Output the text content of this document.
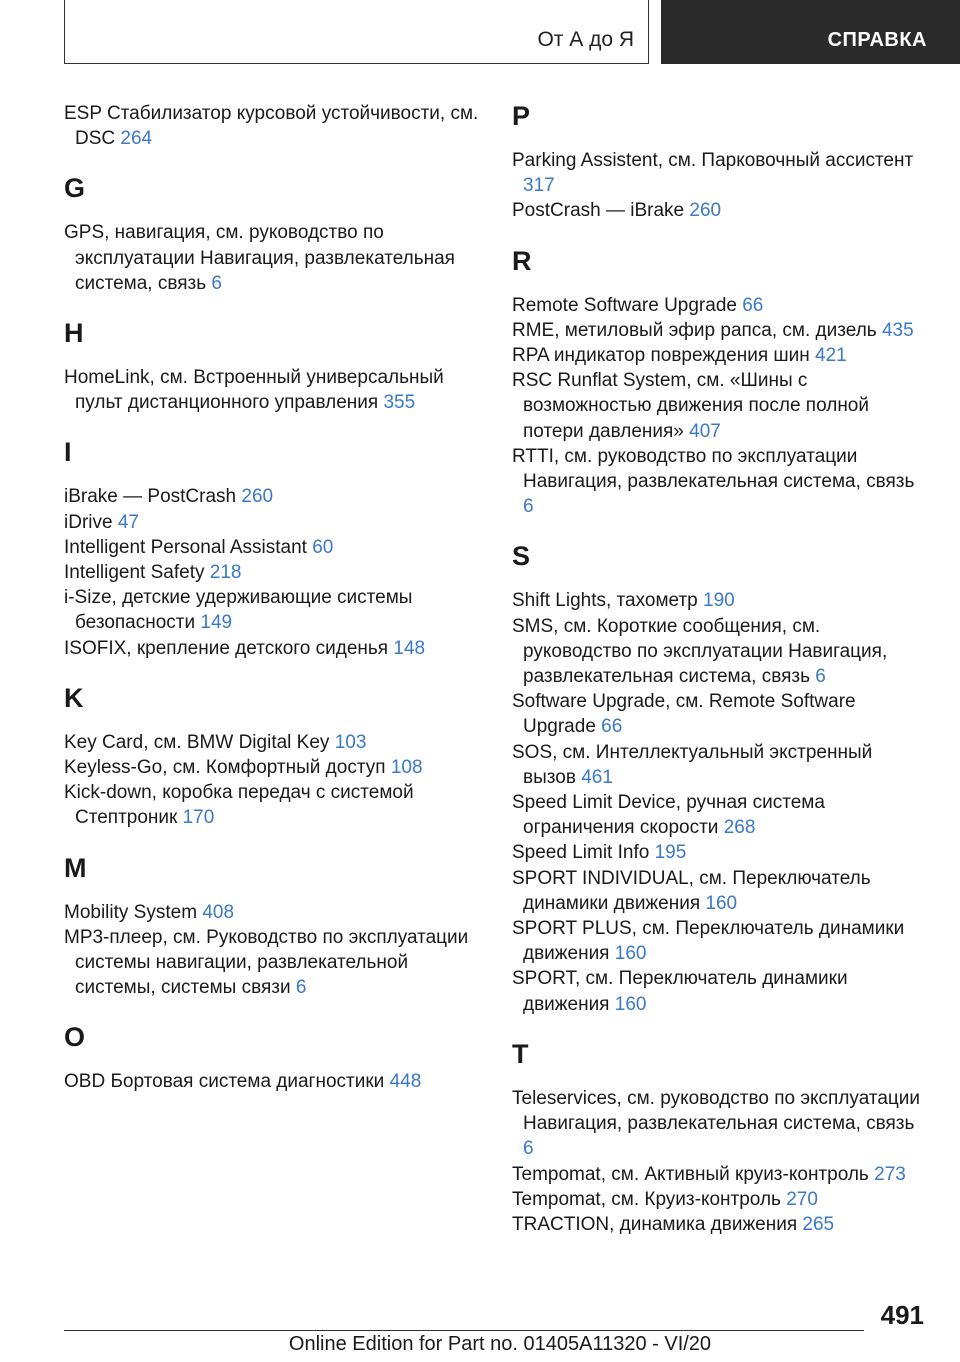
От А до Я	СПРАВКА

ESP Стабилизатор курсовой устойчивости, см. DSC 264

G

GPS, навигация, см. руководство по эксплуатации Навигация, развлекательная система, связь 6

H

HomeLink, см. Встроенный универсальный пульт дистанционного управления 355

I

iBrake — PostCrash 260

iDrive 47

Intelligent Personal Assistant 60

Intelligent Safety 218

i-Size, детские удерживающие системы безопасности 149

ISOFIX, крепление детского сиденья 148

K

Key Card, см. BMW Digital Key 103

Keyless-Go, см. Комфортный доступ 108

Kick-down, коробка передач с системой Стептроник 170

M

Mobility System 408

MP3-плеер, см. Руководство по эксплуатации системы навигации, развлекательной системы, системы связи 6

O

OBD Бортовая система диагностики 448

P

Parking Assistent, см. Парковочный ассистент 317

PostCrash — iBrake 260

R

Remote Software Upgrade 66

RME, метиловый эфир рапса, см. дизель 435

RPA индикатор повреждения шин 421

RSC Runflat System, см. «Шины с возможностью движения после полной потери давления» 407

RTTI, см. руководство по эксплуатации Навигация, развлекательная система, связь 6

S

Shift Lights, тахометр 190

SMS, см. Короткие сообщения, см. руководство по эксплуатации Навигация, развлекательная система, связь 6

Software Upgrade, см. Remote Software Upgrade 66

SOS, см. Интеллектуальный экстренный вызов 461

Speed Limit Device, ручная система ограничения скорости 268

Speed Limit Info 195

SPORT INDIVIDUAL, см. Переключатель динамики движения 160

SPORT PLUS, см. Переключатель динамики движения 160

SPORT, см. Переключатель динамики движения 160

T

Teleservices, см. руководство по эксплуатации Навигация, развлекательная система, связь 6

Tempomat, см. Активный круиз-контроль 273

Tempomat, см. Круиз-контроль 270

TRACTION, динамика движения 265

491
Online Edition for Part no. 01405A11320 - VI/20
